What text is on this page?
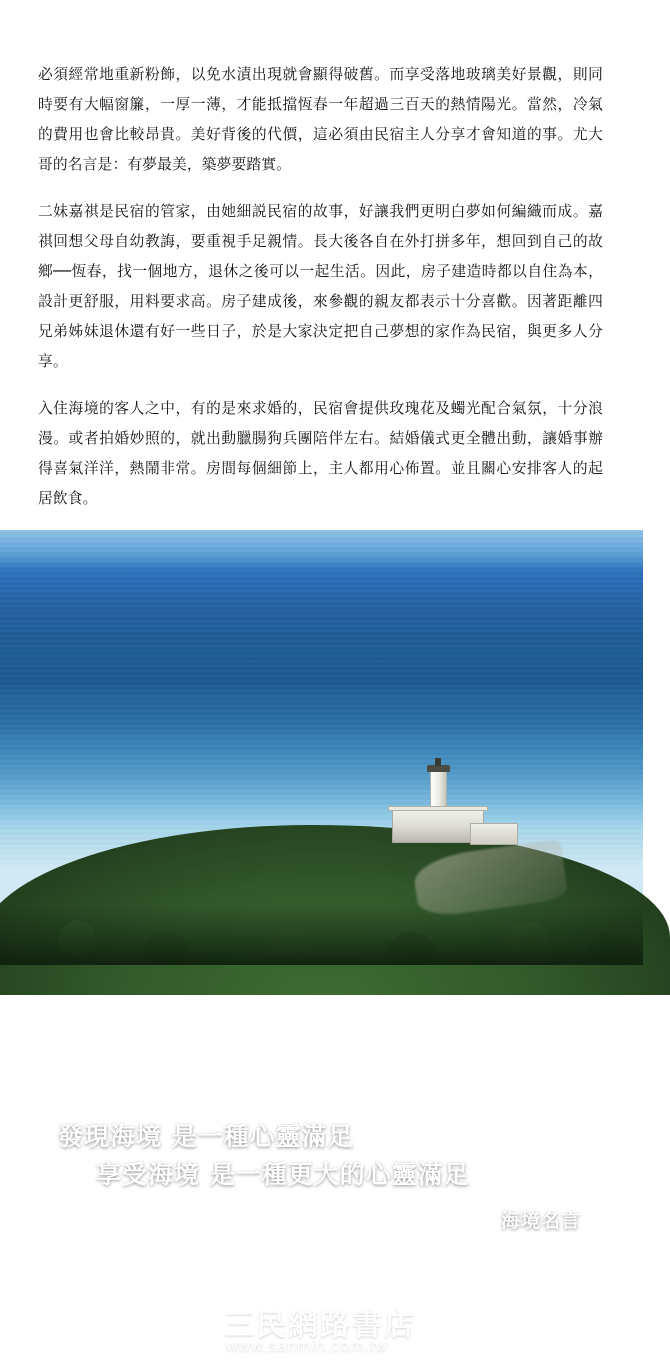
必須經常地重新粉飾，以免水漬出現就會顯得破舊。而享受落地玻璃美好景觀，則同時要有大幅窗簾，一厚一薄，才能抵擋恆春一年超過三百天的熱情陽光。當然，冷氣的費用也會比較昂貴。美好背後的代價，這必須由民宿主人分享才會知道的事。尤大哥的名言是：有夢最美，築夢要踏實。

二妹嘉祺是民宿的管家，由她細説民宿的故事，好讓我們更明白夢如何編織而成。嘉祺回想父母自幼教誨，要重視手足親情。長大後各自在外打拼多年，想回到自己的故鄉──恆春，找一個地方，退休之後可以一起生活。因此，房子建造時都以自住為本，設計更舒服，用料要求高。房子建成後，來參觀的親友都表示十分喜歡。因著距離四兄弟姊妹退休還有好一些日子，於是大家決定把自己夢想的家作為民宿，與更多人分享。

入住海境的客人之中，有的是來求婚的，民宿會提供玫瑰花及蠋光配合氣氛，十分浪漫。或者拍婚妙照的，就出動臘腸狗兵團陪伴左右。結婚儀式更全體出動，讓婚事辦得喜氣洋洋，熱鬧非常。房間每個細節上，主人都用心佈置。並且關心安排客人的起居飲食。

發現海境 是一種心靈滿足
享受海境 是一種更大的心靈滿足
海境名言
三民網路書店
www.sanmin.com.tw
